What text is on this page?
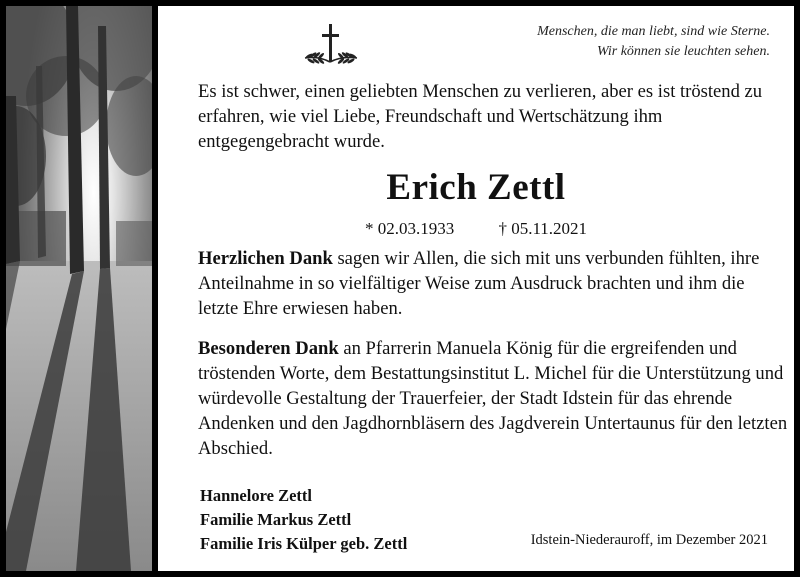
Menschen, die man liebt, sind wie Sterne.
Wir können sie leuchten sehen.
Es ist schwer, einen geliebten Menschen zu verlieren, aber es ist tröstend zu erfahren, wie viel Liebe, Freundschaft und Wertschätzung ihm entgegengebracht wurde.
Erich Zettl
* 02.03.1933	† 05.11.2021
Herzlichen Dank sagen wir Allen, die sich mit uns verbunden fühlten, ihre Anteilnahme in so vielfältiger Weise zum Ausdruck brachten und ihm die letzte Ehre erwiesen haben.
Besonderen Dank an Pfarrerin Manuela König für die ergreifenden und tröstenden Worte, dem Bestattungsinstitut L. Michel für die Unterstützung und würdevolle Gestaltung der Trauerfeier, der Stadt Idstein für das ehrende Andenken und den Jagdhornbläsern des Jagdverein Untertaunus für den letzten Abschied.
Hannelore Zettl
Familie Markus Zettl
Familie Iris Külper geb. Zettl	Idstein-Niederauroff, im Dezember 2021
